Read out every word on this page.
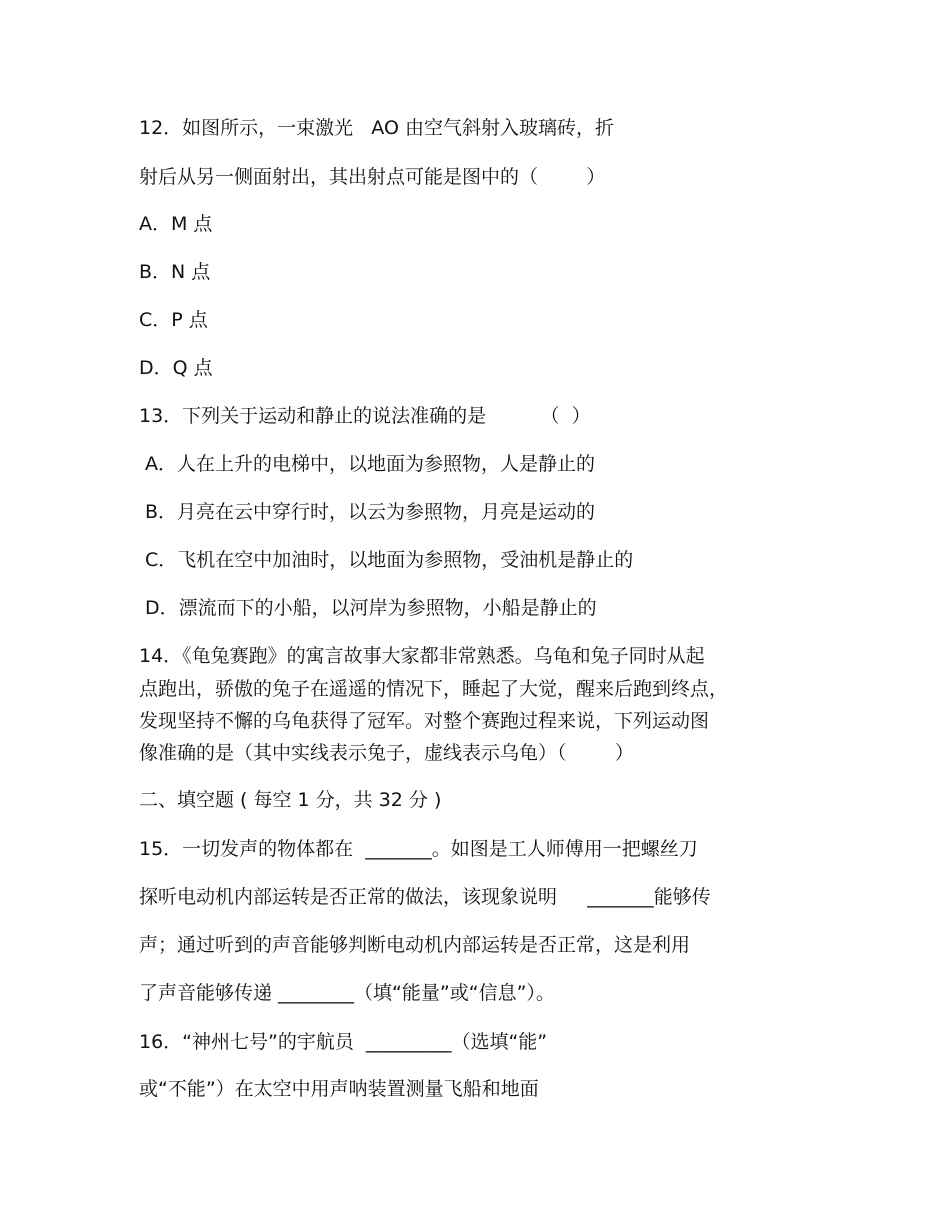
12．如图所示，一束激光   AO 由空气斜射入玻璃砖，折
射后从另一侧面射出，其出射点可能是图中的（        ）
A．M 点
B．N 点
C．P 点
D．Q 点
13．下列关于运动和静止的说法准确的是         （  ）
A．人在上升的电梯中，以地面为参照物，人是静止的
B．月亮在云中穿行时，以云为参照物，月亮是运动的
C．飞机在空中加油时，以地面为参照物，受油机是静止的
D．漂流而下的小船，以河岸为参照物，小船是静止的
14．《龟兔赛跑》的寓言故事大家都非常熟悉。乌龟和兔子同时从起
点跑出，骄傲的兔子在遥遥的情况下，睡起了大觉，醒来后跑到终点，
发现坚持不懈的乌龟获得了冠军。对整个赛跑过程来说，下列运动图
像准确的是（其中实线表示兔子，虚线表示乌龟）（        ）
二、填空题 ( 每空 1 分，共 32 分 )
15．一切发声的物体都在  _______。如图是工人师傅用一把螺丝刀
探听电动机内部运转是否正常的做法，该现象说明     _______能够传
声；通过听到的声音能够判断电动机内部运转是否正常，这是利用
了声音能够传递 ________（填“能量”或“信息”）。
16．“神州七号”的宇航员  _________（选填“能”
或“不能”）在太空中用声呐装置测量飞船和地面
